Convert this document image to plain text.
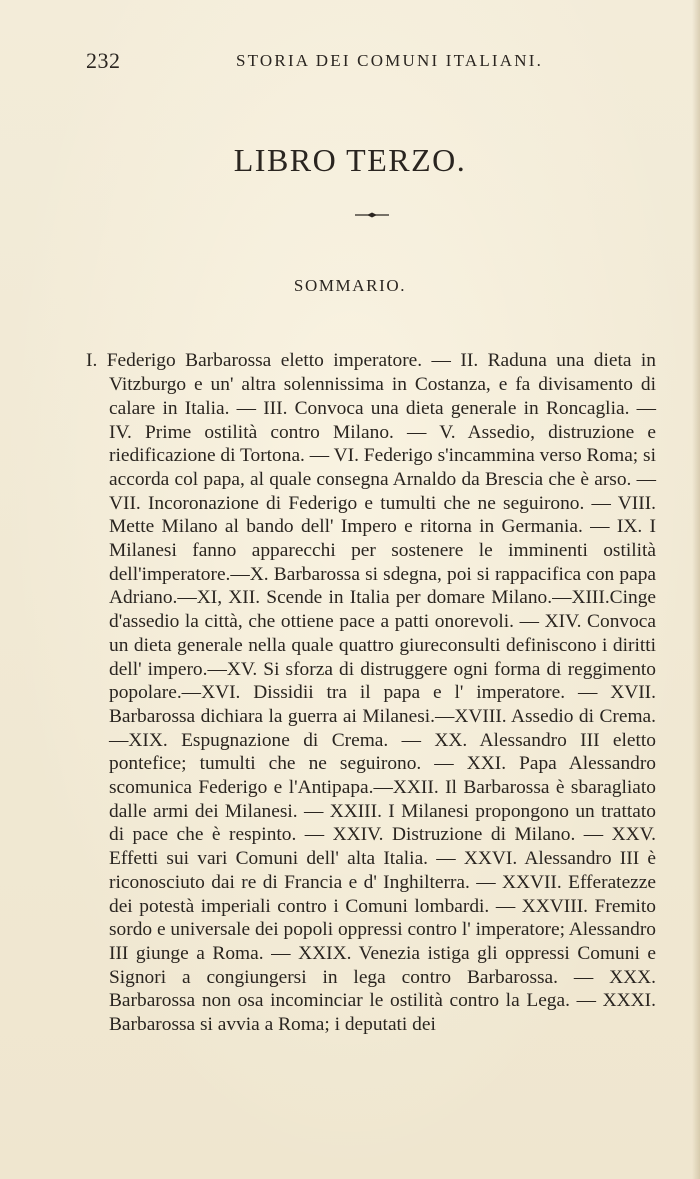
232	STORIA DEI COMUNI ITALIANI.
LIBRO TERZO.
SOMMARIO.

I. Federigo Barbarossa eletto imperatore. — II. Raduna una dieta in Vitzburgo e un' altra solennissima in Costanza, e fa divisamento di calare in Italia. — III. Convoca una dieta generale in Roncaglia. — IV. Prime ostilità contro Milano. — V. Assedio, distruzione e riedificazione di Tortona. — VI. Federigo s'incammina verso Roma; si accorda col papa, al quale consegna Arnaldo da Brescia che è arso. — VII. Incoronazione di Federigo e tumulti che ne seguirono. — VIII. Mette Milano al bando dell' Impero e ritorna in Germania. — IX. I Milanesi fanno apparecchi per sostenere le imminenti ostilità dell'imperatore.—X. Barbarossa si sdegna, poi si rappacifica con papa Adriano.—XI, XII. Scende in Italia per domare Milano.—XIII.Cinge d'assedio la città, che ottiene pace a patti onorevoli. — XIV. Convoca un dieta generale nella quale quattro giureconsulti definiscono i diritti dell' impero.—XV. Si sforza di distruggere ogni forma di reggimento popolare.—XVI. Dissidii tra il papa e l' imperatore. — XVII. Barbarossa dichiara la guerra ai Milanesi.—XVIII. Assedio di Crema.—XIX. Espugnazione di Crema. — XX. Alessandro III eletto pontefice; tumulti che ne seguirono. — XXI. Papa Alessandro scomunica Federigo e l'Antipapa.—XXII. Il Barbarossa è sbaragliato dalle armi dei Milanesi. — XXIII. I Milanesi propongono un trattato di pace che è respinto. — XXIV. Distruzione di Milano. — XXV. Effetti sui vari Comuni dell' alta Italia. — XXVI. Alessandro III è riconosciuto dai re di Francia e d' Inghilterra. — XXVII. Efferatezze dei potestà imperiali contro i Comuni lombardi. — XXVIII. Fremito sordo e universale dei popoli oppressi contro l' imperatore; Alessandro III giunge a Roma. — XXIX. Venezia istiga gli oppressi Comuni e Signori a congiungersi in lega contro Barbarossa. — XXX. Barbarossa non osa incominciar le ostilità contro la Lega. — XXXI. Barbarossa si avvia a Roma; i deputati dei
